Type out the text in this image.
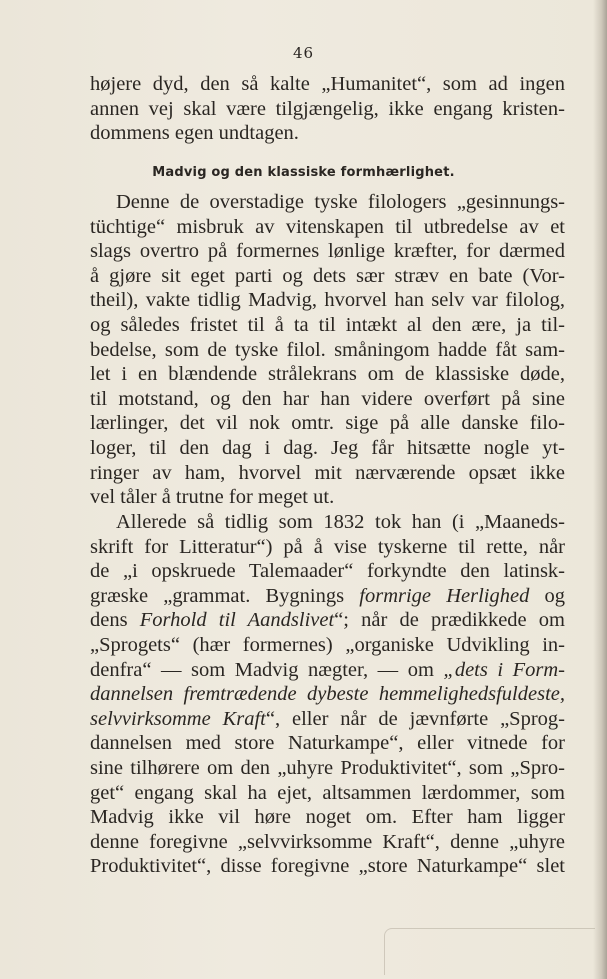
46
højere dyd, den så kalte „Humanitet“, som ad ingen
annen vej skal være tilgjængelig, ikke engang kristen-
dommens egen undtagen.
Madvig og den klassiske formhærlighet.
Denne de overstadige tyske filologers „gesinnungs-
tüchtige“ misbruk av vitenskapen til utbredelse av et
slags overtro på formernes lønlige kræfter, for dærmed
å gjøre sit eget parti og dets sær stræv en bate (Vor-
theil), vakte tidlig Madvig, hvorvel han selv var filolog,
og således fristet til å ta til intækt al den ære, ja til-
bedelse, som de tyske filol. småningom hadde fåt sam-
let i en blændende strålekrans om de klassiske døde,
til motstand, og den har han videre overført på sine
lærlinger, det vil nok omtr. sige på alle danske filo-
loger, til den dag i dag. Jeg får hitsætte nogle yt-
ringer av ham, hvorvel mit nærværende opsæt ikke
vel tåler å trutne for meget ut.
Allerede så tidlig som 1832 tok han (i „Maaneds-
skrift for Litteratur“) på å vise tyskerne til rette, når
de „i opskruede Talemaader“ forkyndte den latinsk-
græske „grammat. Bygnings formrige Herlighed og
dens Forhold til Aandslivet“; når de prædikkede om
„Sprogets“ (hær formernes) „organiske Udvikling in-
denfra“ — som Madvig nægter, — om „dets i Form-
dannelsen fremtrædende dybeste hemmelighedsfuldeste,
selvvirksomme Kraft“, eller når de jævnførte „Sprog-
dannelsen med store Naturkampe“, eller vitnede for
sine tilhørere om den „uhyre Produktivitet“, som „Spro-
get“ engang skal ha ejet, altsammen lærdommer, som
Madvig ikke vil høre noget om. Efter ham ligger
denne foregivne „selvvirksomme Kraft“, denne „uhyre
Produktivitet“, disse foregivne „store Naturkampe“ slet
